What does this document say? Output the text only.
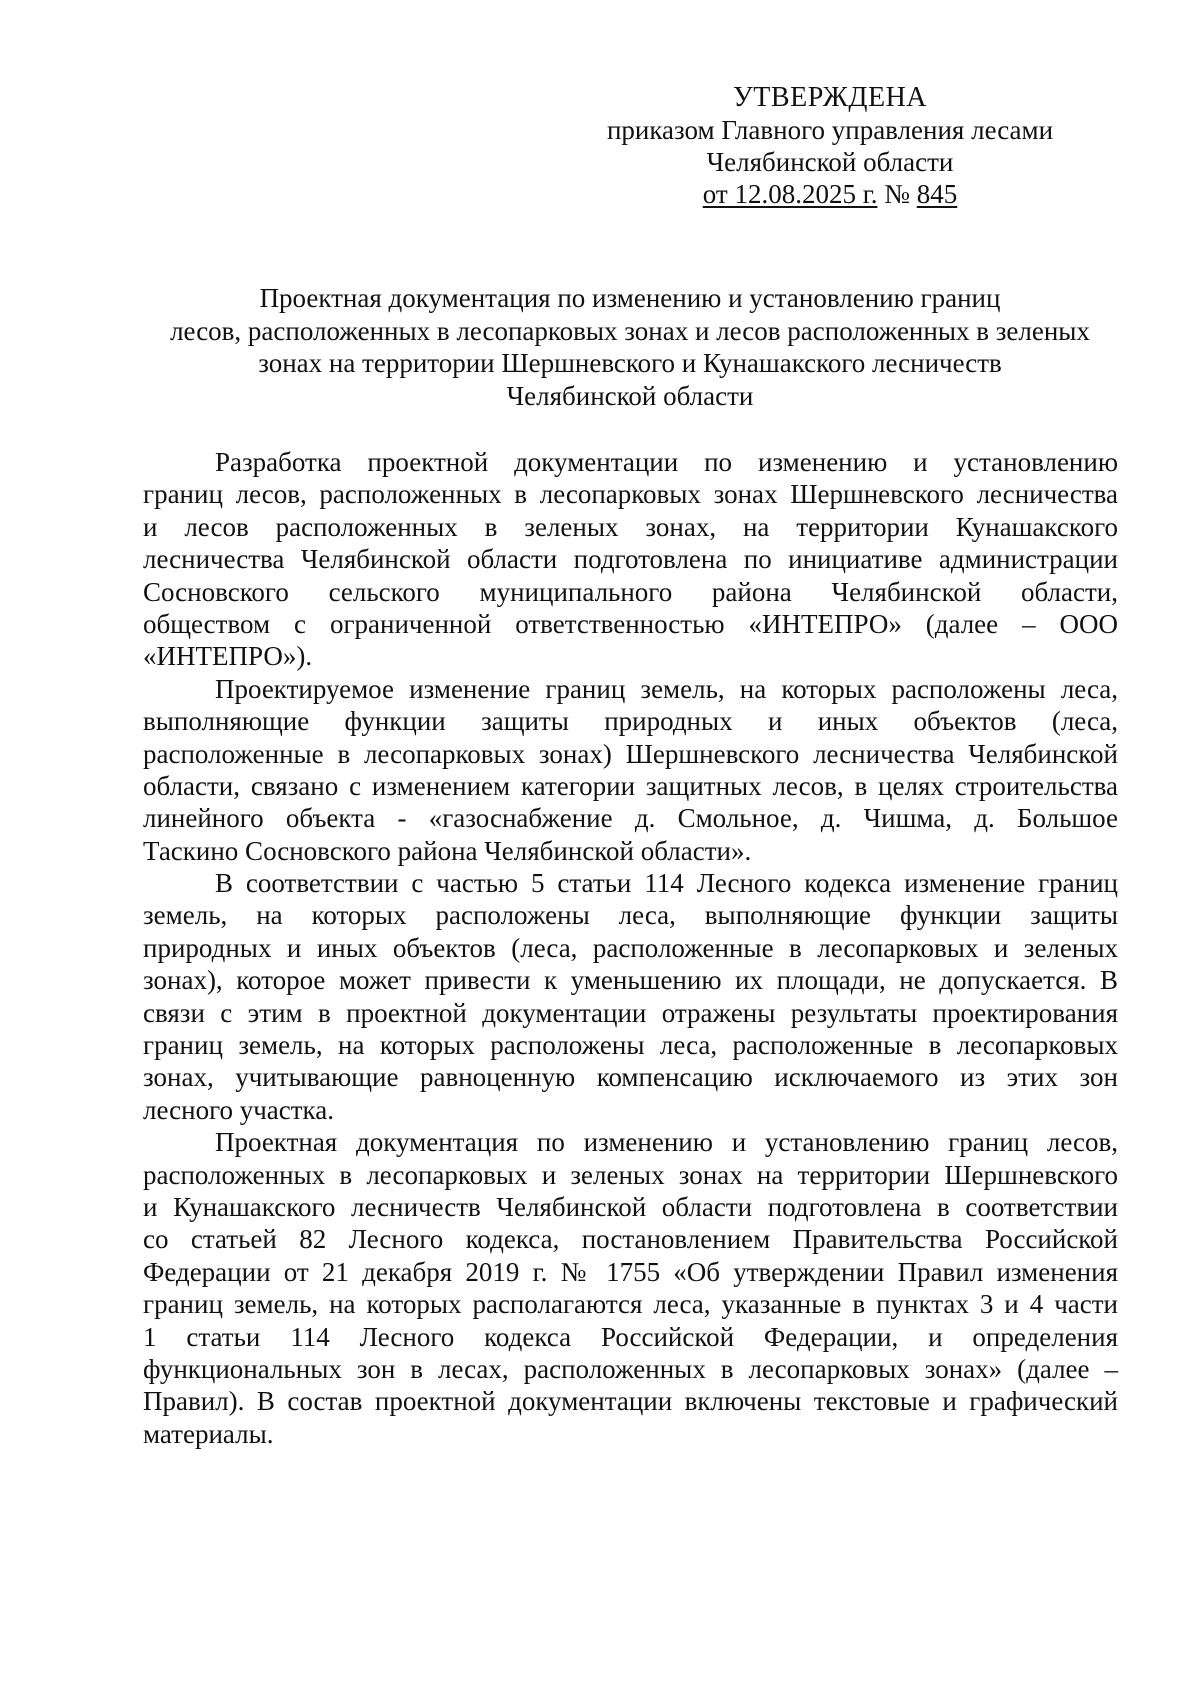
УТВЕРЖДЕНА
приказом Главного управления лесами
Челябинской области
от 12.08.2025 г. № 845
Проектная документация по изменению и установлению границ
лесов, расположенных в лесопарковых зонах и лесов расположенных в зеленых
зонах на территории Шершневского и Кунашакского лесничеств
Челябинской области
Разработка проектной документации по изменению и установлению
границ лесов, расположенных в лесопарковых зонах Шершневского лесничества
и лесов расположенных в зеленых зонах, на территории Кунашакского
лесничества Челябинской области подготовлена по инициативе администрации
Сосновского сельского муниципального района Челябинской области,
обществом с ограниченной ответственностью «ИНТЕПРО» (далее – ООО
«ИНТЕПРО»).
Проектируемое изменение границ земель, на которых расположены леса,
выполняющие функции защиты природных и иных объектов (леса,
расположенные в лесопарковых зонах) Шершневского лесничества Челябинской
области, связано с изменением категории защитных лесов, в целях строительства
линейного объекта - «газоснабжение д. Смольное, д. Чишма, д. Большое
Таскино Сосновского района Челябинской области».
В соответствии с частью 5 статьи 114 Лесного кодекса изменение границ
земель, на которых расположены леса, выполняющие функции защиты
природных и иных объектов (леса, расположенные в лесопарковых и зеленых
зонах), которое может привести к уменьшению их площади, не допускается. В
связи с этим в проектной документации отражены результаты проектирования
границ земель, на которых расположены леса, расположенные в лесопарковых
зонах, учитывающие равноценную компенсацию исключаемого из этих зон
лесного участка.
Проектная документация по изменению и установлению границ лесов,
расположенных в лесопарковых и зеленых зонах на территории Шершневского
и Кунашакского лесничеств Челябинской области подготовлена в соответствии
со статьей 82 Лесного кодекса, постановлением Правительства Российской
Федерации от 21 декабря 2019 г. № 1755 «Об утверждении Правил изменения
границ земель, на которых располагаются леса, указанные в пунктах 3 и 4 части
1 статьи 114 Лесного кодекса Российской Федерации, и определения
функциональных зон в лесах, расположенных в лесопарковых зонах» (далее –
Правил). В состав проектной документации включены текстовые и графический
материалы.
